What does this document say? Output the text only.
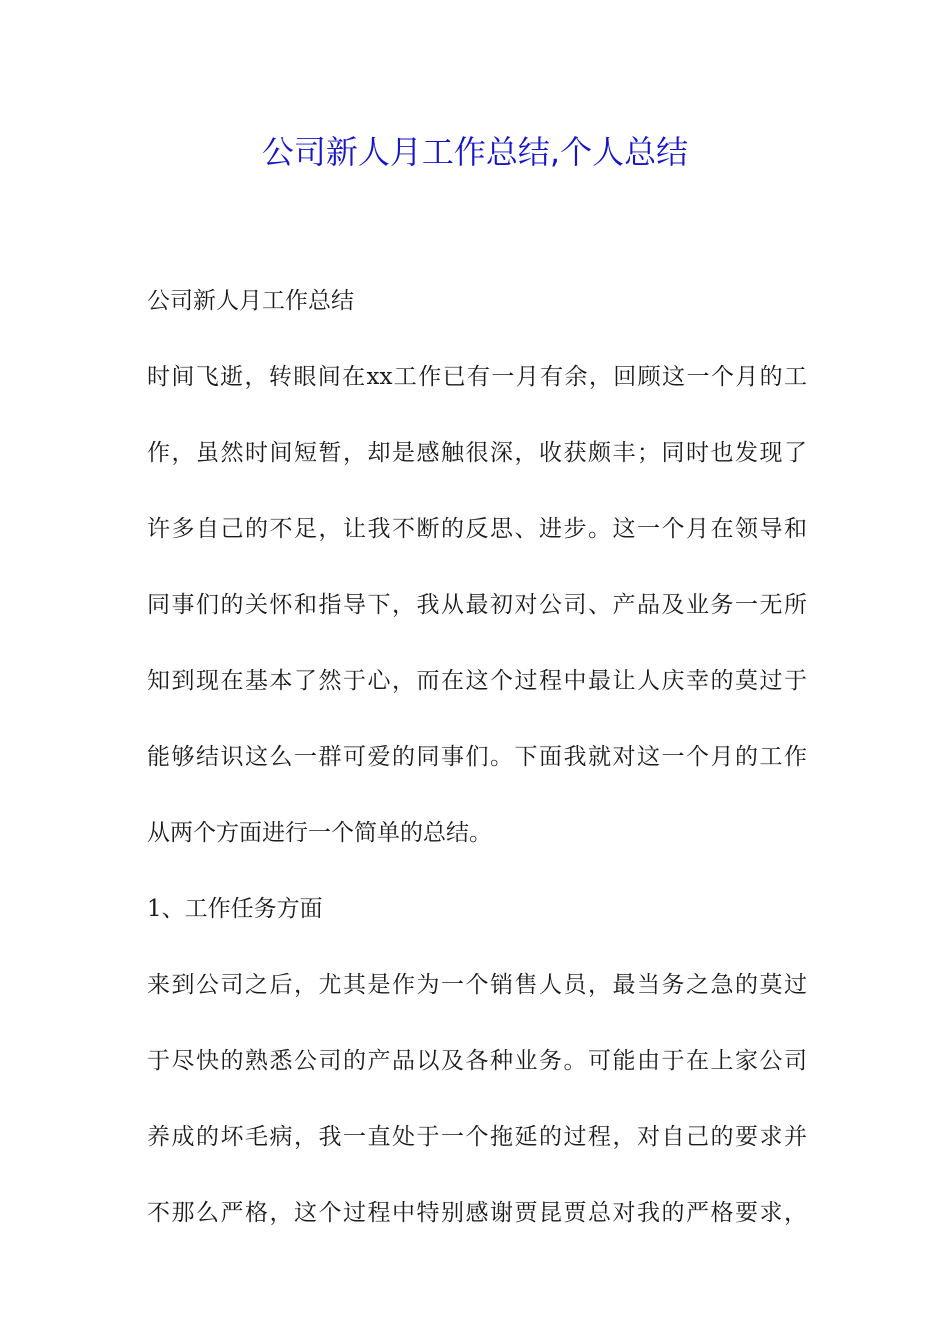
公司新人月工作总结,个人总结

公司新人月工作总结

时间飞逝，转眼间在xx工作已有一月有余，回顾这一个月的工

作，虽然时间短暂，却是感触很深，收获颇丰；同时也发现了

许多自己的不足，让我不断的反思、进步。这一个月在领导和

同事们的关怀和指导下，我从最初对公司、产品及业务一无所

知到现在基本了然于心，而在这个过程中最让人庆幸的莫过于

能够结识这么一群可爱的同事们。下面我就对这一个月的工作

从两个方面进行一个简单的总结。

1、工作任务方面

来到公司之后，尤其是作为一个销售人员，最当务之急的莫过

于尽快的熟悉公司的产品以及各种业务。可能由于在上家公司

养成的坏毛病，我一直处于一个拖延的过程，对自己的要求并

不那么严格，这个过程中特别感谢贾昆贾总对我的严格要求，
